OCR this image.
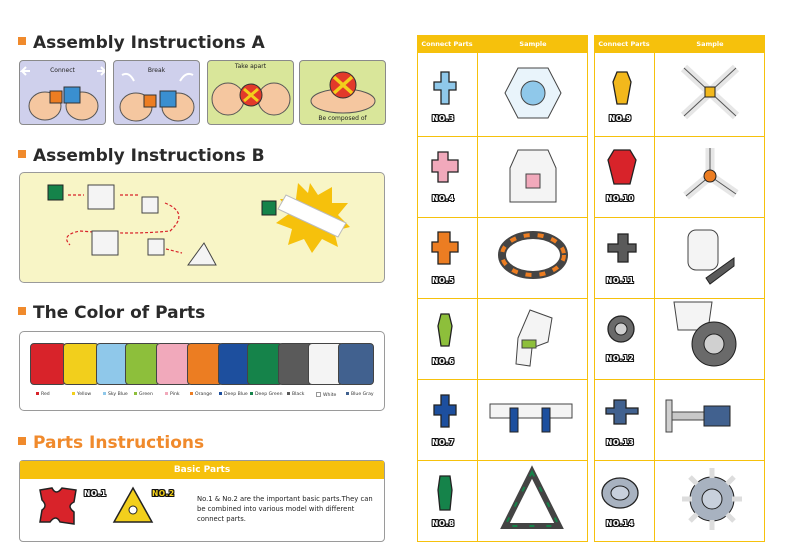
Assembly Instructions A
Connect	Break
Take apart
Be composed of
Assembly Instructions B
The Color of Parts
Red	Yellow	Sky Blue	Green	Pink	Orange	Deep Blue	Deep Green	Black	White	Blue Gray
Parts Instructions
Basic Parts
NO.1	NO.2
No.1 & No.2 are the important basic parts.They can be combined into various model with different connect parts.
Connect Parts	Sample	Connect Parts	Sample
NO.3
NO.4
NO.5
NO.6
NO.7
NO.8
NO.9
NO.10
NO.11
NO.12
NO.13
NO.14
